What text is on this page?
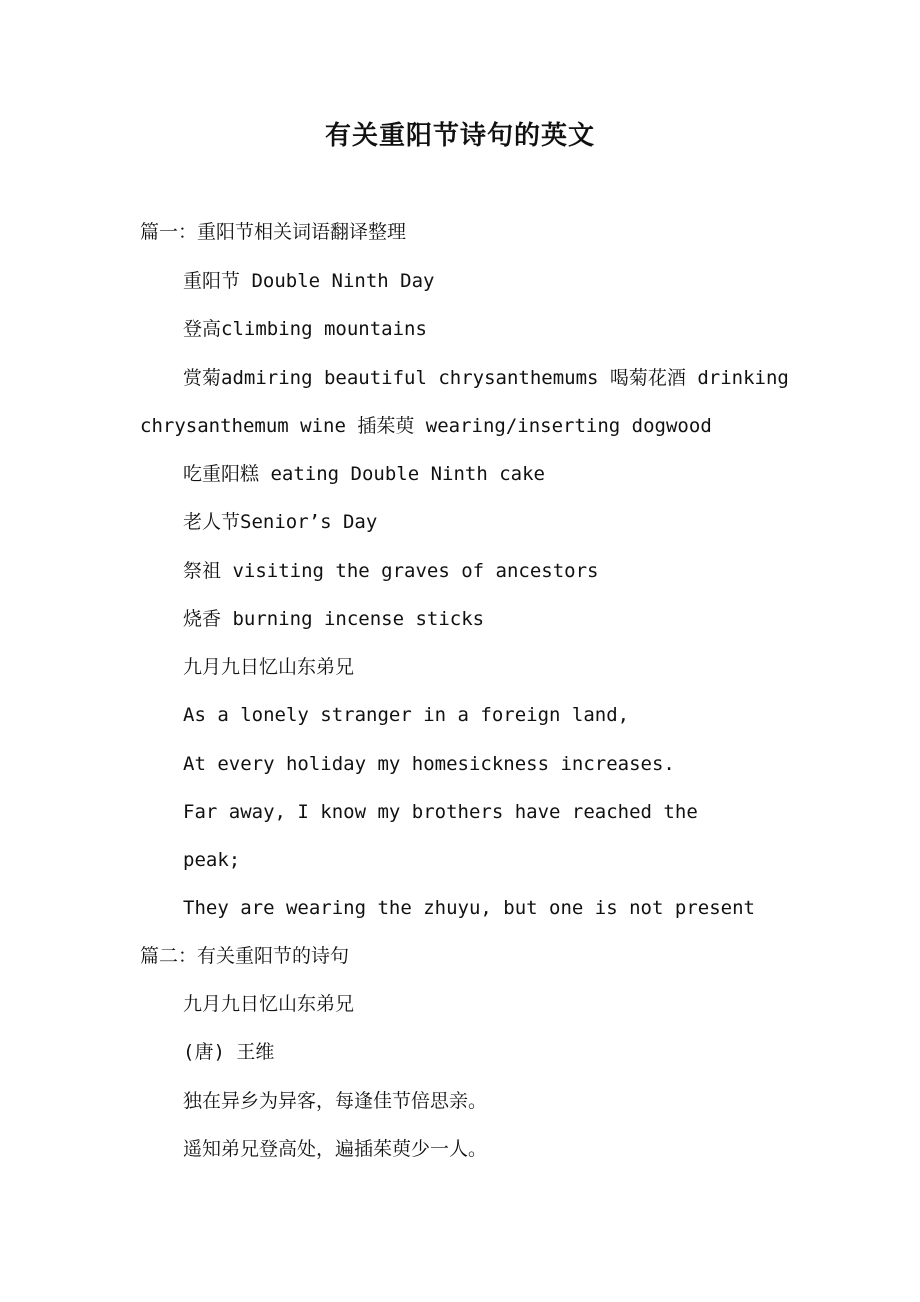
有关重阳节诗句的英文
篇一：重阳节相关词语翻译整理
重阳节 Double Ninth Day
登高climbing mountains
赏菊admiring beautiful chrysanthemums 喝菊花酒 drinking
chrysanthemum wine 插茱萸 wearing/inserting dogwood
吃重阳糕 eating Double Ninth cake
老人节Senior’s Day
祭祖 visiting the graves of ancestors
烧香 burning incense sticks
九月九日忆山东弟兄
As a lonely stranger in a foreign land,
At every holiday my homesickness increases.
Far away, I know my brothers have reached the
peak;
They are wearing the zhuyu, but one is not present
篇二：有关重阳节的诗句
九月九日忆山东弟兄
(唐) 王维
独在异乡为异客，每逢佳节倍思亲。
遥知弟兄登高处，遍插茱萸少一人。
